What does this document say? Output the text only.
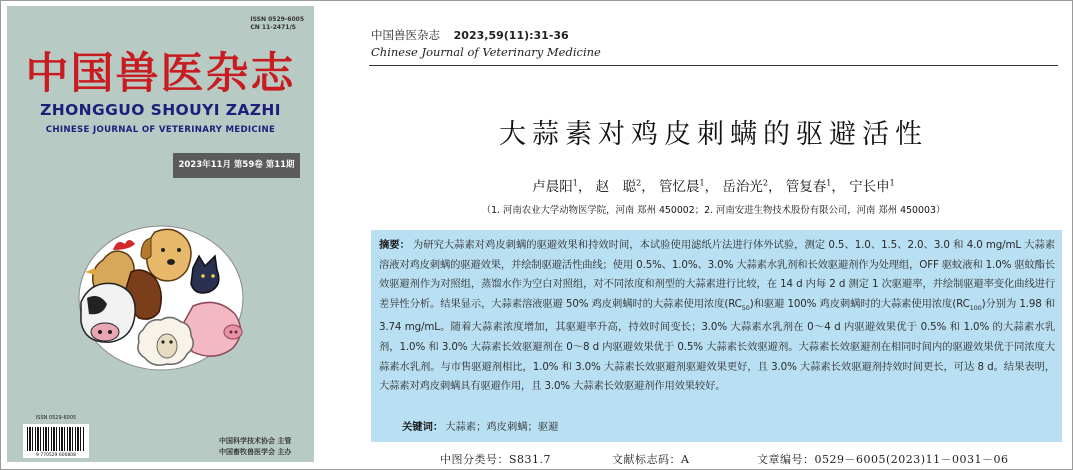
ISSN 0529-6005
CN 11-2471/S
中国兽医杂志
ZHONGGUO SHOUYI ZAZHI
CHINESE JOURNAL OF VETERINARY MEDICINE
2023年11月 第59卷 第11期
ISSN 0529-6005
9 770529 600808
中国科学技术协会 主管
中国畜牧兽医学会 主办
中国兽医杂志 2023,59(11):31-36
Chinese Journal of Veterinary Medicine
大蒜素对鸡皮刺螨的驱避活性
卢晨阳$^1$， 赵　聪$^2$， 管忆晨$^1$， 岳治光$^2$， 管复春$^1$， 宁长申$^1$
（1. 河南农业大学动物医学院，河南 郑州 450002；2. 河南安进生物技术股份有限公司，河南 郑州 450003）
摘要： 为研究大蒜素对鸡皮刺螨的驱避效果和持效时间，本试验使用滤纸片法进行体外试验，测定 0.5、1.0、1.5、2.0、3.0 和 4.0 mg/mL 大蒜素溶液对鸡皮刺螨的驱避效果，并绘制驱避活性曲线；使用 0.5%、1.0%、3.0% 大蒜素水乳剂和长效驱避剂作为处理组，OFF 驱蚊液和 1.0% 驱蚊酯长效驱避剂作为对照组，蒸馏水作为空白对照组，对不同浓度和剂型的大蒜素进行比较，在 14 d 内每 2 d 测定 1 次驱避率，并绘制驱避率变化曲线进行差异性分析。结果显示，大蒜素溶液驱避 50% 鸡皮刺螨时的大蒜素使用浓度$(RC_{50})$和驱避 100% 鸡皮刺螨时的大蒜素使用浓度$(RC_{100})$分别为 1.98 和 3.74 mg/mL。随着大蒜素浓度增加，其驱避率升高，持效时间变长；3.0% 大蒜素水乳剂在 0～4 d 内驱避效果优于 0.5% 和 1.0% 的大蒜素水乳剂，1.0% 和 3.0% 大蒜素长效驱避剂在 0～8 d 内驱避效果优于 0.5% 大蒜素长效驱避剂。大蒜素长效驱避剂在相同时间内的驱避效果优于同浓度大蒜素水乳剂。与市售驱避剂相比，1.0% 和 3.0% 大蒜素长效驱避剂驱避效果更好，且 3.0% 大蒜素长效驱避剂持效时间更长，可达 8 d。结果表明，大蒜素对鸡皮刺螨具有驱避作用，且 3.0% 大蒜素长效驱避剂作用效果较好。
关键词： 大蒜素；鸡皮刺螨；驱避
中图分类号：S831.7	文献标志码：A	文章编号：0529－6005(2023)11－0031－06
